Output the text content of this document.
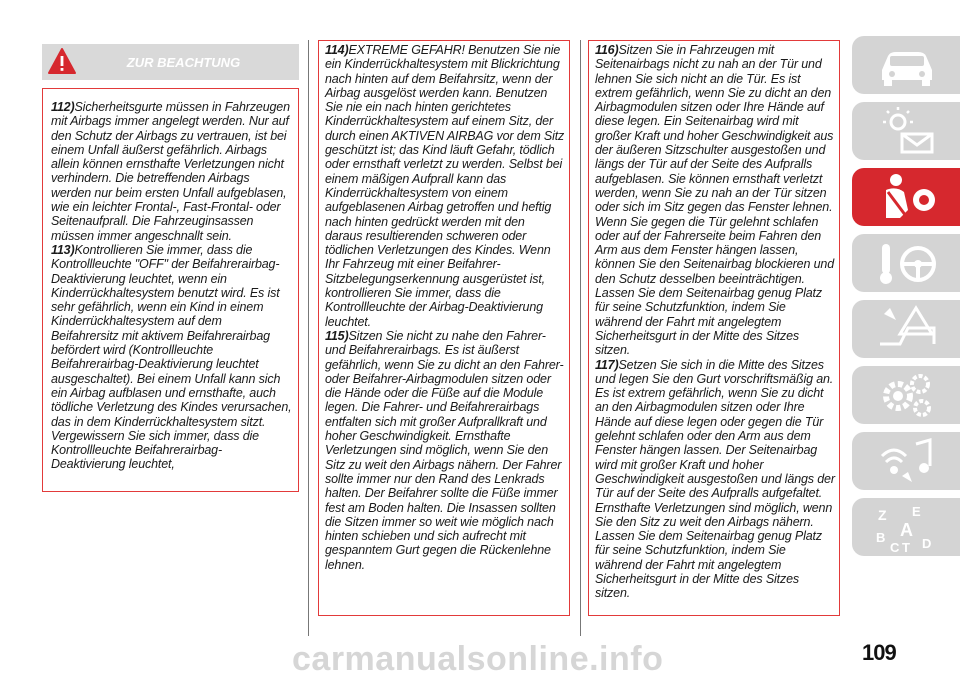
ZUR BEACHTUNG

112)Sicherheitsgurte müssen in Fahrzeugen mit Airbags immer angelegt werden. Nur auf den Schutz der Airbags zu vertrauen, ist bei einem Unfall äußerst gefährlich. Airbags allein können ernsthafte Verletzungen nicht verhindern. Die betreffenden Airbags werden nur beim ersten Unfall aufgeblasen, wie ein leichter Frontal-, Fast-Frontal- oder Seitenaufprall. Die Fahrzeuginsassen müssen immer angeschnallt sein.

113)Kontrollieren Sie immer, dass die Kontrollleuchte "OFF" der Beifahrerairbag-Deaktivierung leuchtet, wenn ein Kinderrückhaltesystem benutzt wird. Es ist sehr gefährlich, wenn ein Kind in einem Kinderrückhaltesystem auf dem Beifahrersitz mit aktivem Beifahrerairbag befördert wird (Kontrollleuchte Beifahrerairbag-Deaktivierung leuchtet ausgeschaltet). Bei einem Unfall kann sich ein Airbag aufblasen und ernsthafte, auch tödliche Verletzung des Kindes verursachen, das in dem Kinderrückhaltesystem sitzt. Vergewissern Sie sich immer, dass die Kontrollleuchte Beifahrerairbag-Deaktivierung leuchtet,

114)EXTREME GEFAHR! Benutzen Sie nie ein Kinderrückhaltesystem mit Blickrichtung nach hinten auf dem Beifahrsitz, wenn der Airbag ausgelöst werden kann. Benutzen Sie nie ein nach hinten gerichtetes Kinderrückhaltesystem auf einem Sitz, der durch einen AKTIVEN AIRBAG vor dem Sitz geschützt ist; das Kind läuft Gefahr, tödlich oder ernsthaft verletzt zu werden. Selbst bei einem mäßigen Aufprall kann das Kinderrückhaltesystem von einem aufgeblasenen Airbag getroffen und heftig nach hinten gedrückt werden mit den daraus resultierenden schweren oder tödlichen Verletzungen des Kindes. Wenn Ihr Fahrzeug mit einer Beifahrer-Sitzbelegungserkennung ausgerüstet ist, kontrollieren Sie immer, dass die Kontrollleuchte der Airbag-Deaktivierung leuchtet.

115)Sitzen Sie nicht zu nahe den Fahrer- und Beifahrerairbags. Es ist äußerst gefährlich, wenn Sie zu dicht an den Fahrer- oder Beifahrer-Airbagmodulen sitzen oder die Hände oder die Füße auf die Module legen. Die Fahrer- und Beifahrerairbags entfalten sich mit großer Aufprallkraft und hoher Geschwindigkeit. Ernsthafte Verletzungen sind möglich, wenn Sie den Sitz zu weit den Airbags nähern. Der Fahrer sollte immer nur den Rand des Lenkrads halten. Der Beifahrer sollte die Füße immer fest am Boden halten. Die Insassen sollten die Sitzen immer so weit wie möglich nach hinten schieben und sich aufrecht mit gespanntem Gurt gegen die Rückenlehne lehnen.

116)Sitzen Sie in Fahrzeugen mit Seitenairbags nicht zu nah an der Tür und lehnen Sie sich nicht an die Tür. Es ist extrem gefährlich, wenn Sie zu dicht an den Airbagmodulen sitzen oder Ihre Hände auf diese legen. Ein Seitenairbag wird mit großer Kraft und hoher Geschwindigkeit aus der äußeren Sitzschulter ausgestoßen und längs der Tür auf der Seite des Aufpralls aufgeblasen. Sie können ernsthaft verletzt werden, wenn Sie zu nah an der Tür sitzen oder sich im Sitz gegen das Fenster lehnen. Wenn Sie gegen die Tür gelehnt schlafen oder auf der Fahrerseite beim Fahren den Arm aus dem Fenster hängen lassen, können Sie den Seitenairbag blockieren und den Schutz desselben beeinträchtigen. Lassen Sie dem Seitenairbag genug Platz für seine Schutzfunktion, indem Sie während der Fahrt mit angelegtem Sicherheitsgurt in der Mitte des Sitzes sitzen.

117)Setzen Sie sich in die Mitte des Sitzes und legen Sie den Gurt vorschriftsmäßig an. Es ist extrem gefährlich, wenn Sie zu dicht an den Airbagmodulen sitzen oder Ihre Hände auf diese legen oder gegen die Tür gelehnt schlafen oder den Arm aus dem Fenster hängen lassen. Der Seitenairbag wird mit großer Kraft und hoher Geschwindigkeit ausgestoßen und längs der Tür auf der Seite des Aufpralls aufgefaltet. Ernsthafte Verletzungen sind möglich, wenn Sie den Sitz zu weit den Airbags nähern. Lassen Sie dem Seitenairbag genug Platz für seine Schutzfunktion, indem Sie während der Fahrt mit angelegtem Sicherheitsgurt in der Mitte des Sitzes sitzen.

Z E
A
B
C T D
carmanualsonline.info	109
